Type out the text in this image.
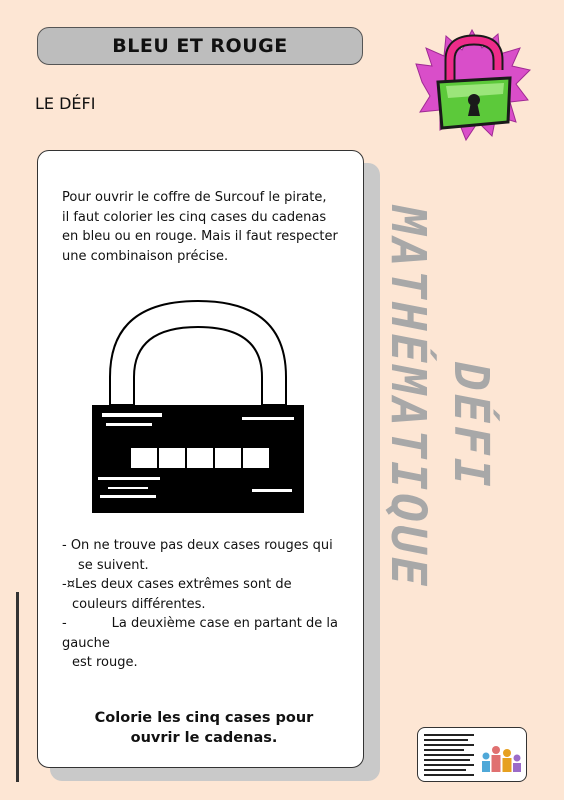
BLEU ET ROUGE
LE DÉFI
Pour ouvrir le coffre de Surcouf le pirate,
il faut colorier les cinq cases du cadenas
en bleu ou en rouge. Mais il faut respecter
une combinaison précise.
- On ne trouve pas deux cases rouges qui
se suivent.
-¤Les deux cases extrêmes sont de
couleurs différentes.
-	La deuxième case en partant de la
gauche
est rouge.
Colorie les cinq cases pour
ouvrir le cadenas.
MATHÉMATIQUE DÉFI
